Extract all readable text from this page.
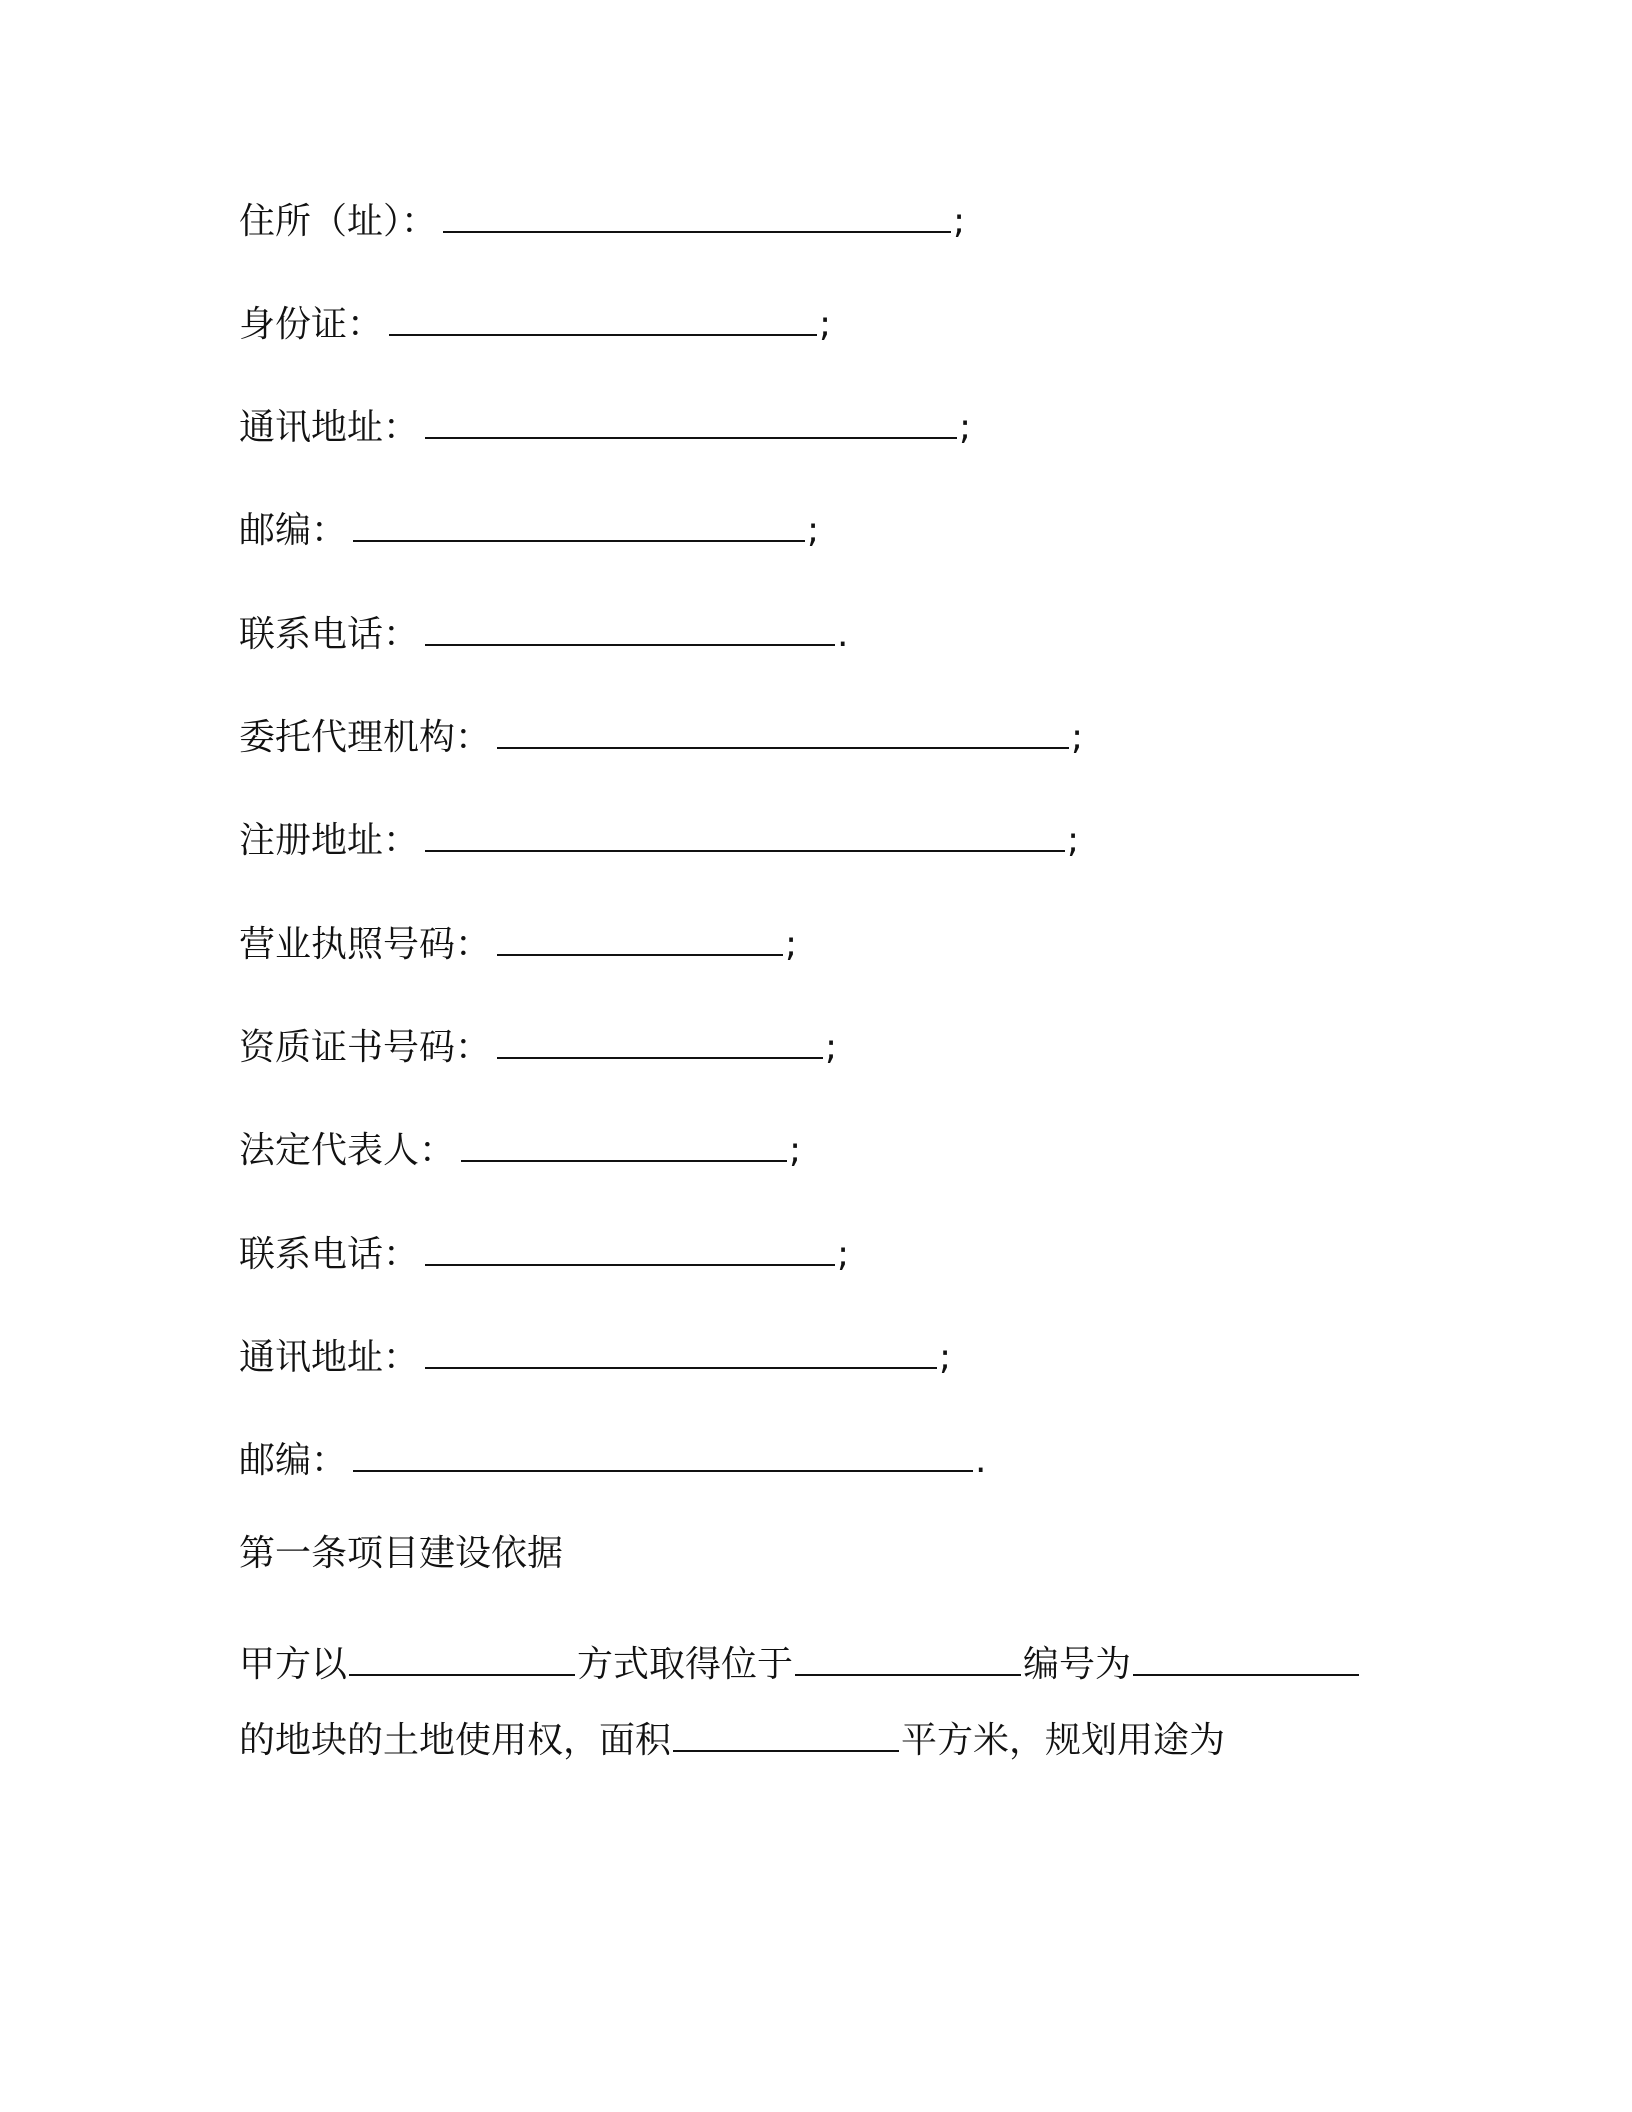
住所（址）：	;
身份证：	;
通讯地址：	;
邮编：	;
联系电话：	.
委托代理机构：	;
注册地址：	;
营业执照号码：	;
资质证书号码：	;
法定代表人：	;
联系电话：	;
通讯地址：	;
邮编：	.
第一条项目建设依据
甲方以	方式取得位于	编号为
的地块的土地使用权，面积	平方米，规划用途为
